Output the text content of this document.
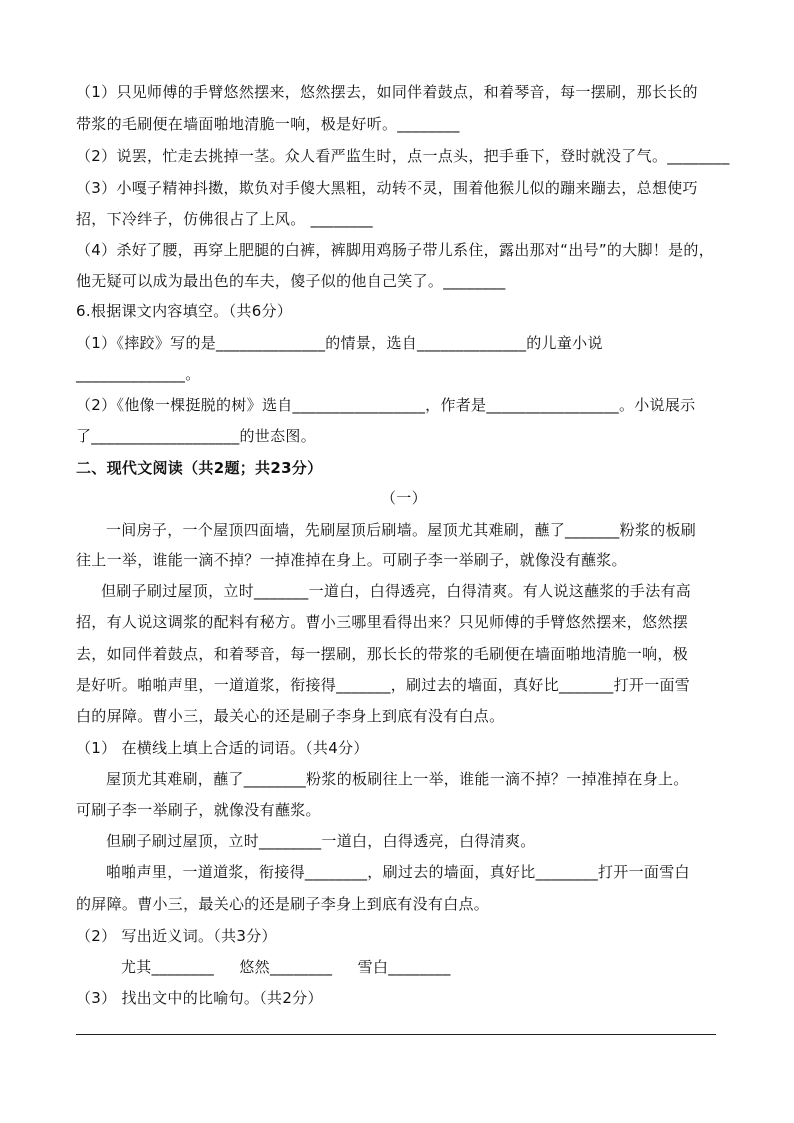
（1）只见师傅的手臂悠然摆来，悠然摆去，如同伴着鼓点，和着琴音，每一摆刷，那长长的
带浆的毛刷便在墙面啪地清脆一响，极是好听。________
（2）说罢，忙走去挑掉一茎。众人看严监生时，点一点头，把手垂下，登时就没了气。________
（3）小嘎子精神抖擞，欺负对手傻大黑粗，动转不灵，围着他猴儿似的蹦来蹦去，总想使巧
招，下冷绊子，仿佛很占了上风。 ________
（4）杀好了腰，再穿上肥腿的白裤，裤脚用鸡肠子带儿系住，露出那对“出号”的大脚！是的，
他无疑可以成为最出色的车夫，傻子似的他自己笑了。________
6.根据课文内容填空。（共6分）
（1）《摔跤》写的是______________的情景，选自______________的儿童小说
______________。
（2）《他像一棵挺脱的树》选自_________________，作者是_________________。小说展示
了___________________的世态图。
二、现代文阅读（共2题；共23分）
（一）
一间房子，一个屋顶四面墙，先刷屋顶后刷墙。屋顶尤其难刷，蘸了_______粉浆的板刷
往上一举，谁能一滴不掉？一掉准掉在身上。可刷子李一举刷子，就像没有蘸浆。
但刷子刷过屋顶，立时_______一道白，白得透亮，白得清爽。有人说这蘸浆的手法有高
招，有人说这调浆的配料有秘方。曹小三哪里看得出来？只见师傅的手臂悠然摆来，悠然摆
去，如同伴着鼓点，和着琴音，每一摆刷，那长长的带浆的毛刷便在墙面啪地清脆一响，极
是好听。啪啪声里，一道道浆，衔接得_______，刷过去的墙面，真好比_______打开一面雪
白的屏障。曹小三，最关心的还是刷子李身上到底有没有白点。
（1） 在横线上填上合适的词语。（共4分）
屋顶尤其难刷，蘸了________粉浆的板刷往上一举，谁能一滴不掉？一掉准掉在身上。
可刷子李一举刷子，就像没有蘸浆。
但刷子刷过屋顶，立时________一道白，白得透亮，白得清爽。
啪啪声里，一道道浆，衔接得________，刷过去的墙面，真好比________打开一面雪白
的屏障。曹小三，最关心的还是刷子李身上到底有没有白点。
（2） 写出近义词。（共3分）
尤其________     悠然________     雪白________
（3） 找出文中的比喻句。（共2分）
